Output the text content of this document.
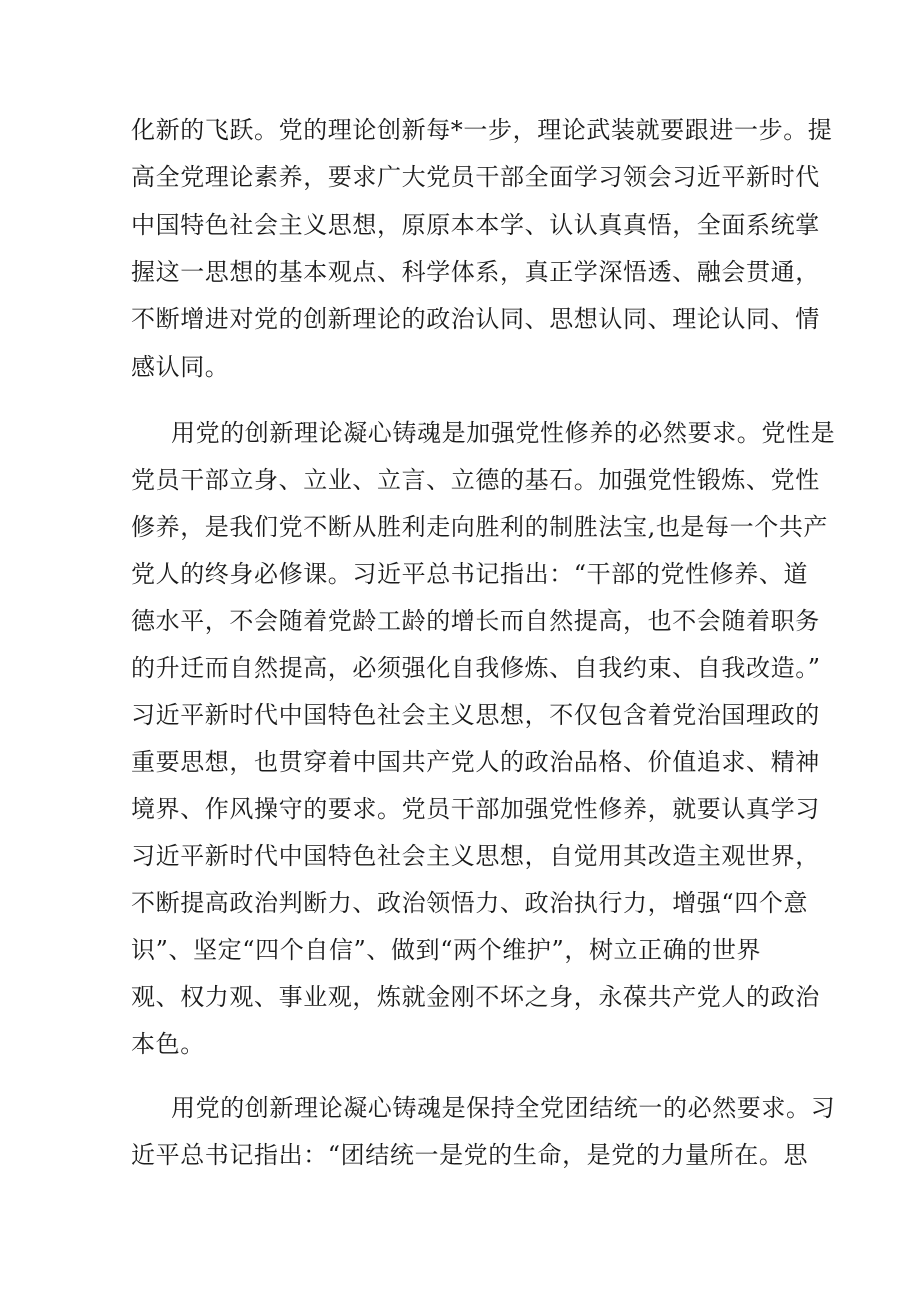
化新的飞跃。党的理论创新每*一步，理论武装就要跟进一步。提
高全党理论素养，要求广大党员干部全面学习领会习近平新时代
中国特色社会主义思想，原原本本学、认认真真悟，全面系统掌
握这一思想的基本观点、科学体系，真正学深悟透、融会贯通，
不断增进对党的创新理论的政治认同、思想认同、理论认同、情
感认同。
用党的创新理论凝心铸魂是加强党性修养的必然要求。党性是
党员干部立身、立业、立言、立德的基石。加强党性锻炼、党性
修养，是我们党不断从胜利走向胜利的制胜法宝,也是每一个共产
党人的终身必修课。习近平总书记指出：“干部的党性修养、道
德水平，不会随着党龄工龄的增长而自然提高，也不会随着职务
的升迁而自然提高，必须强化自我修炼、自我约束、自我改造。”
习近平新时代中国特色社会主义思想，不仅包含着党治国理政的
重要思想，也贯穿着中国共产党人的政治品格、价值追求、精神
境界、作风操守的要求。党员干部加强党性修养，就要认真学习
习近平新时代中国特色社会主义思想，自觉用其改造主观世界，
不断提高政治判断力、政治领悟力、政治执行力，增强“四个意
识”、坚定“四个自信”、做到“两个维护”，树立正确的世界
观、权力观、事业观，炼就金刚不坏之身，永葆共产党人的政治
本色。
用党的创新理论凝心铸魂是保持全党团结统一的必然要求。习
近平总书记指出：“团结统一是党的生命，是党的力量所在。思
